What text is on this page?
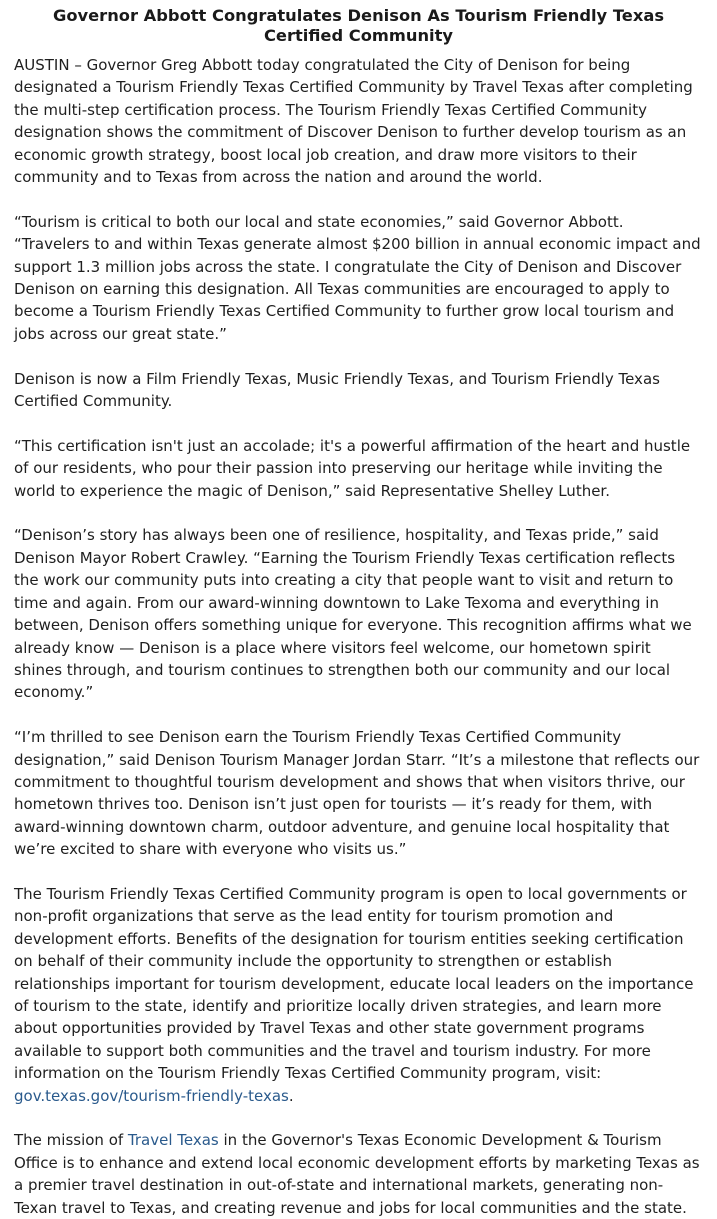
Governor Abbott Congratulates Denison As Tourism Friendly Texas Certified Community

AUSTIN – Governor Greg Abbott today congratulated the City of Denison for being designated a Tourism Friendly Texas Certified Community by Travel Texas after completing the multi-step certification process. The Tourism Friendly Texas Certified Community designation shows the commitment of Discover Denison to further develop tourism as an economic growth strategy, boost local job creation, and draw more visitors to their community and to Texas from across the nation and around the world.

“Tourism is critical to both our local and state economies,” said Governor Abbott. “Travelers to and within Texas generate almost $200 billion in annual economic impact and support 1.3 million jobs across the state. I congratulate the City of Denison and Discover Denison on earning this designation. All Texas communities are encouraged to apply to become a Tourism Friendly Texas Certified Community to further grow local tourism and jobs across our great state.”

Denison is now a Film Friendly Texas, Music Friendly Texas, and Tourism Friendly Texas Certified Community.

“This certification isn't just an accolade; it's a powerful affirmation of the heart and hustle of our residents, who pour their passion into preserving our heritage while inviting the world to experience the magic of Denison,” said Representative Shelley Luther.

“Denison’s story has always been one of resilience, hospitality, and Texas pride,” said Denison Mayor Robert Crawley. “Earning the Tourism Friendly Texas certification reflects the work our community puts into creating a city that people want to visit and return to time and again. From our award-winning downtown to Lake Texoma and everything in between, Denison offers something unique for everyone. This recognition affirms what we already know — Denison is a place where visitors feel welcome, our hometown spirit shines through, and tourism continues to strengthen both our community and our local economy.”

“I’m thrilled to see Denison earn the Tourism Friendly Texas Certified Community designation,” said Denison Tourism Manager Jordan Starr. “It’s a milestone that reflects our commitment to thoughtful tourism development and shows that when visitors thrive, our hometown thrives too. Denison isn’t just open for tourists — it’s ready for them, with award-winning downtown charm, outdoor adventure, and genuine local hospitality that we’re excited to share with everyone who visits us.”

The Tourism Friendly Texas Certified Community program is open to local governments or non-profit organizations that serve as the lead entity for tourism promotion and development efforts. Benefits of the designation for tourism entities seeking certification on behalf of their community include the opportunity to strengthen or establish relationships important for tourism development, educate local leaders on the importance of tourism to the state, identify and prioritize locally driven strategies, and learn more about opportunities provided by Travel Texas and other state government programs available to support both communities and the travel and tourism industry. For more information on the Tourism Friendly Texas Certified Community program, visit: gov.texas.gov/tourism-friendly-texas.

The mission of Travel Texas in the Governor's Texas Economic Development & Tourism Office is to enhance and extend local economic development efforts by marketing Texas as a premier travel destination in out-of-state and international markets, generating non-Texan travel to Texas, and creating revenue and jobs for local communities and the state.
